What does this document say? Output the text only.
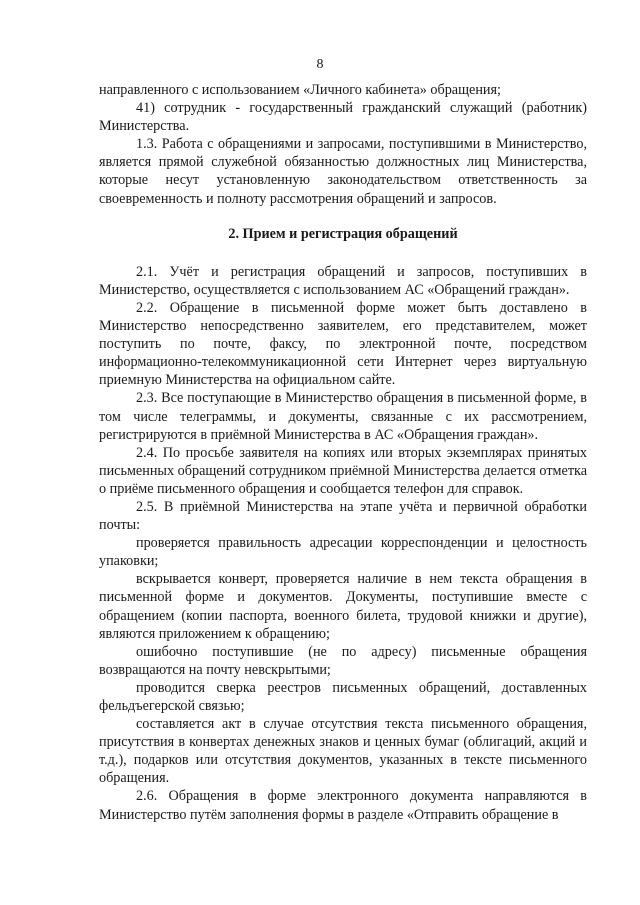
8

направленного с использованием «Личного кабинета» обращения;

41) сотрудник - государственный гражданский служащий (работник) Министерства.

1.3. Работа с обращениями и запросами, поступившими в Министерство, является прямой служебной обязанностью должностных лиц Министерства, которые несут установленную законодательством ответственность за своевременность и полноту рассмотрения обращений и запросов.

2. Прием и регистрация обращений

2.1. Учёт и регистрация обращений и запросов, поступивших в Министерство, осуществляется с использованием АС «Обращений граждан».

2.2. Обращение в письменной форме может быть доставлено в Министерство непосредственно заявителем, его представителем, может поступить по почте, факсу, по электронной почте, посредством информационно-телекоммуникационной сети Интернет через виртуальную приемную Министерства на официальном сайте.

2.3. Все поступающие в Министерство обращения в письменной форме, в том числе телеграммы, и документы, связанные с их рассмотрением, регистрируются в приёмной Министерства в АС «Обращения граждан».

2.4. По просьбе заявителя на копиях или вторых экземплярах принятых письменных обращений сотрудником приёмной Министерства делается отметка о приёме письменного обращения и сообщается телефон для справок.

2.5. В приёмной Министерства на этапе учёта и первичной обработки почты:

проверяется правильность адресации корреспонденции и целостность упаковки;

вскрывается конверт, проверяется наличие в нем текста обращения в письменной форме и документов. Документы, поступившие вместе с обращением (копии паспорта, военного билета, трудовой книжки и другие), являются приложением к обращению;

ошибочно поступившие (не по адресу) письменные обращения возвращаются на почту невскрытыми;

проводится сверка реестров письменных обращений, доставленных фельдъегерской связью;

составляется акт в случае отсутствия текста письменного обращения, присутствия в конвертах денежных знаков и ценных бумаг (облигаций, акций и т.д.), подарков или отсутствия документов, указанных в тексте письменного обращения.

2.6. Обращения в форме электронного документа направляются в Министерство путём заполнения формы в разделе «Отправить обращение в
